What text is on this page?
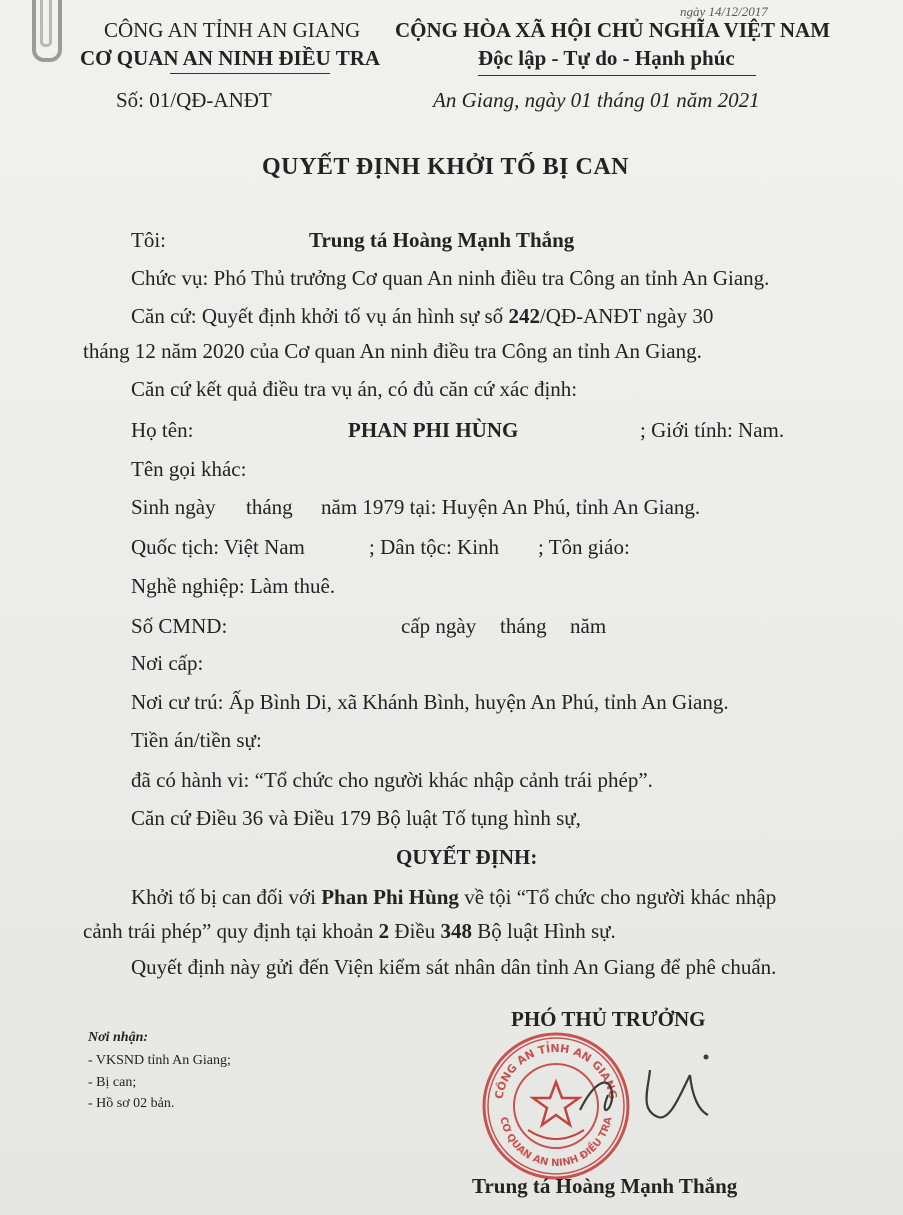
ngày 14/12/2017
CÔNG AN TỈNH AN GIANG
CƠ QUAN AN NINH ĐIỀU TRA
CỘNG HÒA XÃ HỘI CHỦ NGHĨA VIỆT NAM
Độc lập - Tự do - Hạnh phúc
Số: 01/QĐ-ANĐT	An Giang, ngày 01 tháng 01 năm 2021
QUYẾT ĐỊNH KHỞI TỐ BỊ CAN
Tôi:	Trung tá Hoàng Mạnh Thắng
Chức vụ: Phó Thủ trưởng Cơ quan An ninh điều tra Công an tỉnh An Giang.
Căn cứ: Quyết định khởi tố vụ án hình sự số 242/QĐ-ANĐT ngày 30
tháng 12 năm 2020 của Cơ quan An ninh điều tra Công an tỉnh An Giang.
Căn cứ kết quả điều tra vụ án, có đủ căn cứ xác định:
Họ tên:	PHAN PHI HÙNG	; Giới tính: Nam.
Tên gọi khác:
Sinh ngày tháng năm 1979 tại: Huyện An Phú, tỉnh An Giang.
Quốc tịch: Việt Nam	; Dân tộc: Kinh ; Tôn giáo:
Nghề nghiệp: Làm thuê.
Số CMND:	cấp ngày tháng năm
Nơi cấp:
Nơi cư trú: Ấp Bình Di, xã Khánh Bình, huyện An Phú, tỉnh An Giang.
Tiền án/tiền sự:
đã có hành vi: “Tổ chức cho người khác nhập cảnh trái phép”.
Căn cứ Điều 36 và Điều 179 Bộ luật Tố tụng hình sự,
QUYẾT ĐỊNH:
Khởi tố bị can đối với Phan Phi Hùng về tội “Tổ chức cho người khác nhập
cảnh trái phép” quy định tại khoản 2 Điều 348 Bộ luật Hình sự.
Quyết định này gửi đến Viện kiểm sát nhân dân tỉnh An Giang để phê chuẩn.
Nơi nhận:
- VKSND tỉnh An Giang;
- Bị can;
- Hồ sơ 02 bản.
PHÓ THỦ TRƯỞNG
CÔNG AN TỈNH AN GIANG
CƠ QUAN AN NINH ĐIỀU TRA
Trung tá Hoàng Mạnh Thắng
